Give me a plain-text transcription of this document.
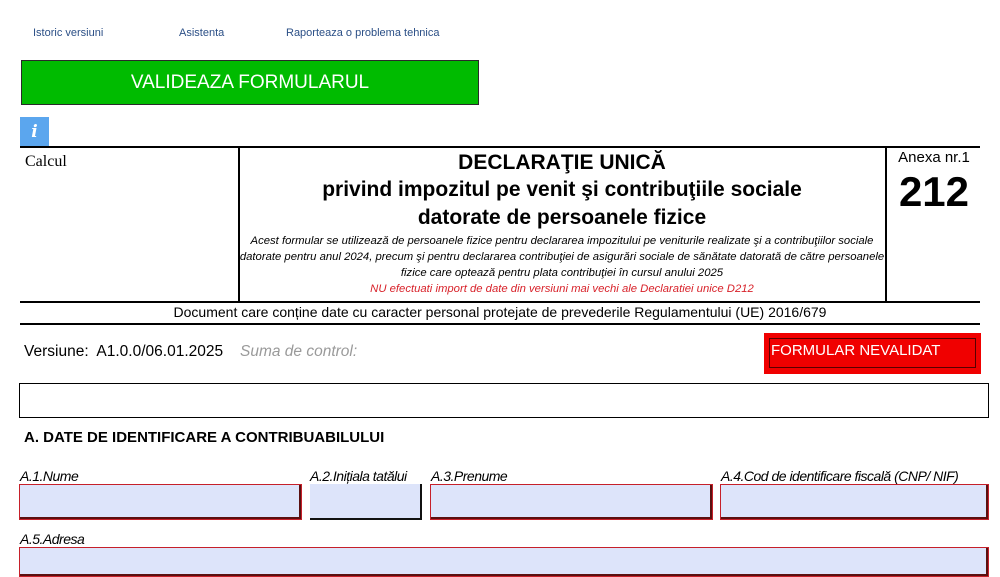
Istoric versiuni	Asistenta	Raporteaza o problema tehnica
VALIDEAZA FORMULARUL
i
Calcul	DECLARAŢIE UNICĂ
privind impozitul pe venit şi contribuţiile sociale
datorate de persoanele fizice
Acest formular se utilizează de persoanele fizice pentru declararea impozitului pe veniturile realizate şi a contribuţiilor sociale datorate pentru anul 2024, precum şi pentru declararea contribuţiei de asigurări sociale de sănătate datorată de către persoanele fizice care optează pentru plata contribuţiei în cursul anului 2025
NU efectuati import de date din versiuni mai vechi ale Declaratiei unice D212
Anexa nr.1
212
Document care conține date cu caracter personal protejate de prevederile Regulamentului (UE) 2016/679
Versiune: A1.0.0/06.01.2025 Suma de control:	FORMULAR NEVALIDAT
A. DATE DE IDENTIFICARE A CONTRIBUABILULUI
A.1.Nume	A.2.Inițiala tatălui A.3.Prenume	A.4.Cod de identificare fiscală (CNP/ NIF)
A.5.Adresa
